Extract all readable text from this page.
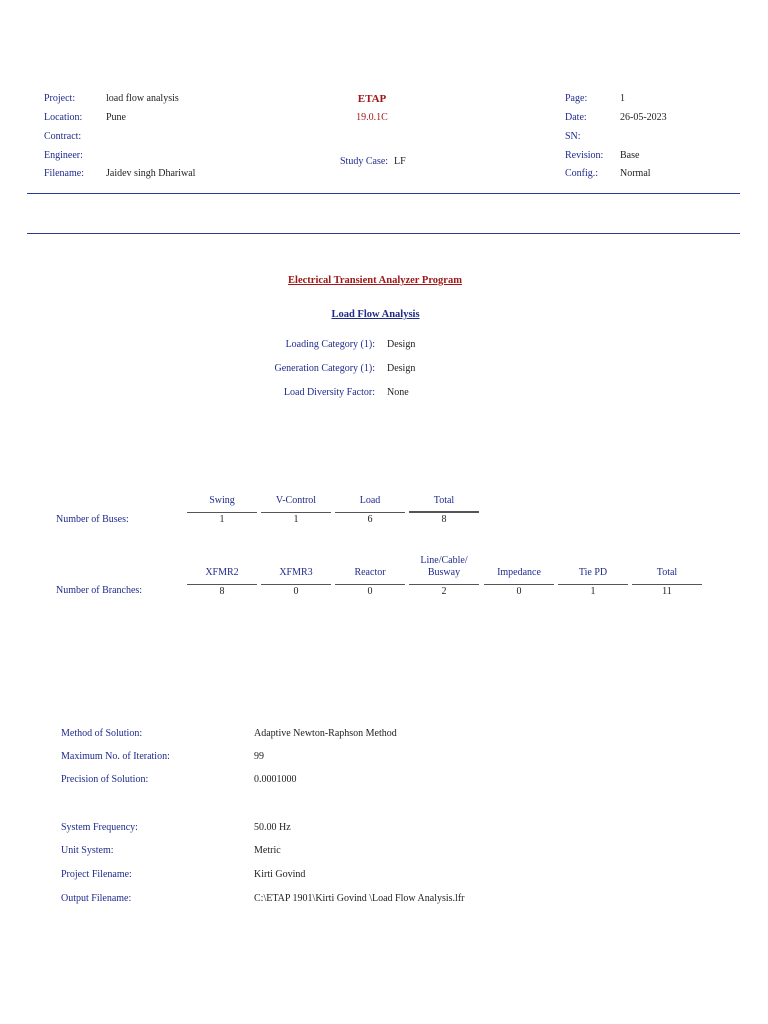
Project:	load flow analysis
Location: Pune
Contract:
Engineer:
Filename: Jaidev singh Dhariwal
ETAP
19.0.1C
Study Case: LF
Page:	1
Date:	26-05-2023
SN:
Revision: Base
Config.: Normal
Electrical Transient Analyzer Program
Load Flow Analysis
Loading Category (1): Design
Generation Category (1): Design
Load Diversity Factor: None
Number of Buses:
Swing	V-Control	Load	Total
1	1	6	8
Number of Branches:
XFMR2	XFMR3	Reactor
Line/Cable/
Busway	Impedance	Tie PD	Total
8	0	0	2	0	1	11
Method of Solution:	Adaptive Newton-Raphson Method
Maximum No. of Iteration:	99
Precision of Solution:	0.0001000
System Frequency:	50.00 Hz
Unit System:	Metric
Project Filename:	Kirti Govind
Output Filename:	C:\ETAP 1901\Kirti Govind \Load Flow Analysis.lfr
